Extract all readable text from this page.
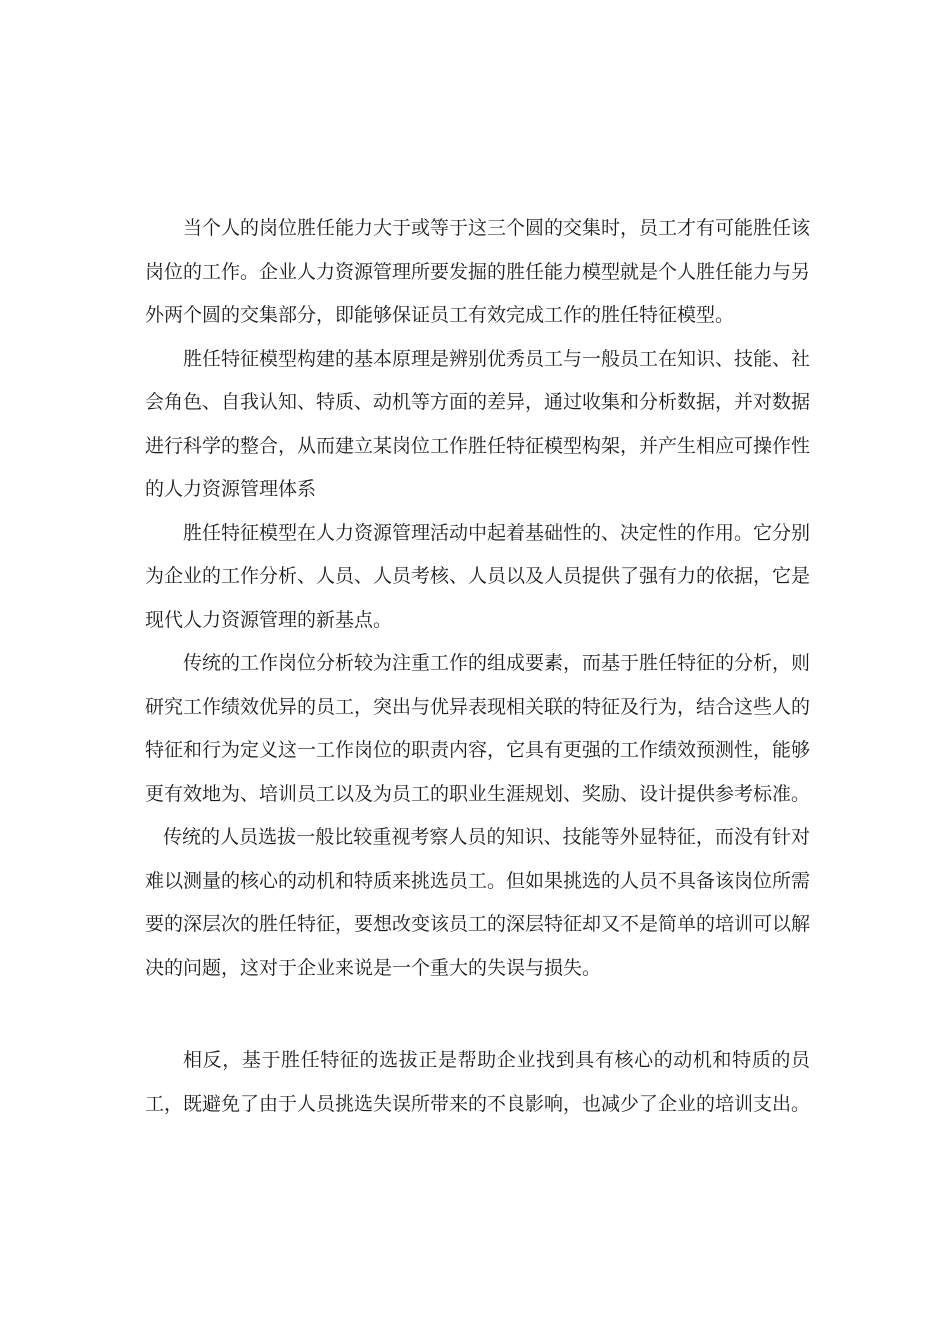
当个人的岗位胜任能力大于或等于这三个圆的交集时，员工才有可能胜任该岗位的工作。企业人力资源管理所要发掘的胜任能力模型就是个人胜任能力与另外两个圆的交集部分，即能够保证员工有效完成工作的胜任特征模型。

胜任特征模型构建的基本原理是辨别优秀员工与一般员工在知识、技能、社会角色、自我认知、特质、动机等方面的差异，通过收集和分析数据，并对数据进行科学的整合，从而建立某岗位工作胜任特征模型构架，并产生相应可操作性的人力资源管理体系

胜任特征模型在人力资源管理活动中起着基础性的、决定性的作用。它分别为企业的工作分析、人员、人员考核、人员以及人员提供了强有力的依据，它是现代人力资源管理的新基点。

传统的工作岗位分析较为注重工作的组成要素，而基于胜任特征的分析，则研究工作绩效优异的员工，突出与优异表现相关联的特征及行为，结合这些人的特征和行为定义这一工作岗位的职责内容，它具有更强的工作绩效预测性，能够更有效地为、培训员工以及为员工的职业生涯规划、奖励、设计提供参考标准。

传统的人员选拔一般比较重视考察人员的知识、技能等外显特征，而没有针对难以测量的核心的动机和特质来挑选员工。但如果挑选的人员不具备该岗位所需要的深层次的胜任特征，要想改变该员工的深层特征却又不是简单的培训可以解决的问题，这对于企业来说是一个重大的失误与损失。

相反，基于胜任特征的选拔正是帮助企业找到具有核心的动机和特质的员工，既避免了由于人员挑选失误所带来的不良影响，也减少了企业的培训支出。
